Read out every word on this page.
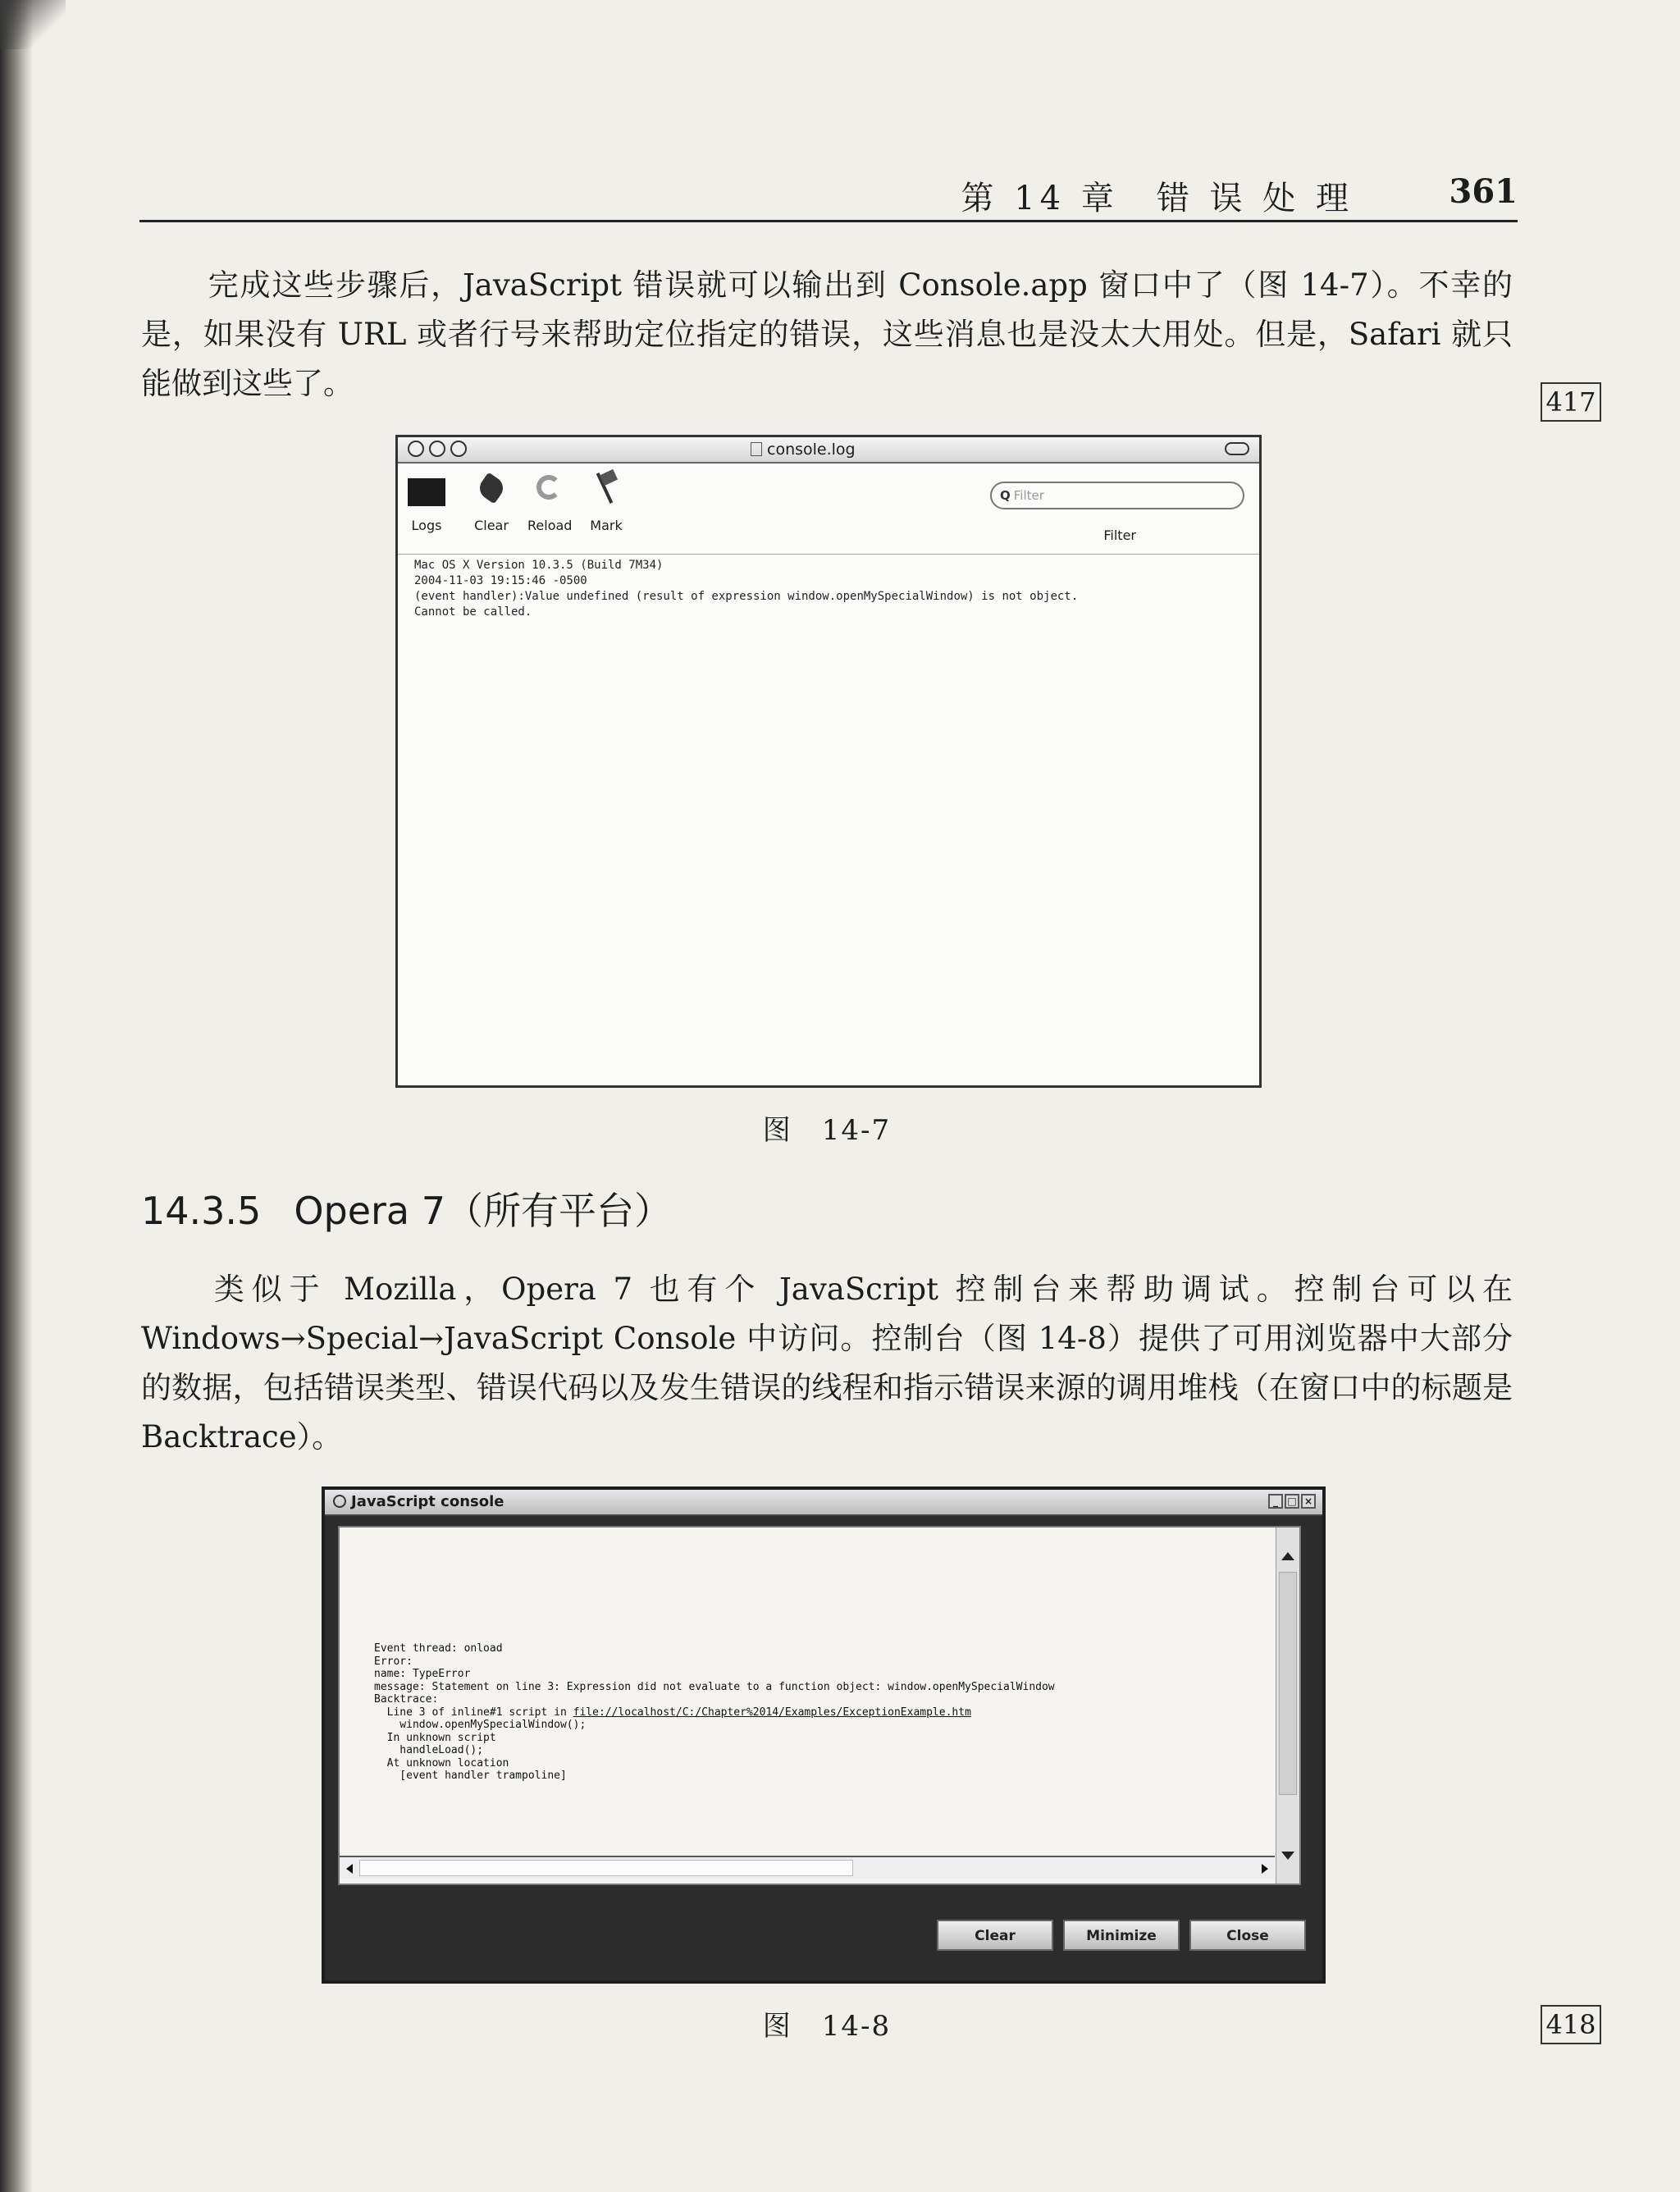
第 14 章　错 误 处 理	361
完成这些步骤后，JavaScript 错误就可以输出到 Console.app 窗口中了（图 14-7）。不幸的是，如果没有 URL 或者行号来帮助定位指定的错误，这些消息也是没太大用处。但是，Safari 就只能做到这些了。
417
console.log
Logs Clear Reload Mark
Q Filter
Filter
Mac OS X Version 10.3.5 (Build 7M34)
2004-11-03 19:15:46 -0500
(event handler):Value undefined (result of expression window.openMySpecialWindow) is not object.
Cannot be called.
图　14-7
14.3.5 Opera 7（所有平台）
类似于 Mozilla，Opera 7 也有个 JavaScript 控制台来帮助调试。控制台可以在 Windows→Special→JavaScript Console 中访问。控制台（图 14-8）提供了可用浏览器中大部分的数据，包括错误类型、错误代码以及发生错误的线程和指示错误来源的调用堆栈（在窗口中的标题是 Backtrace）。
JavaScript console	_ □ ×
Event thread: onload
Error:
name: TypeError
message: Statement on line 3: Expression did not evaluate to a function object: window.openMySpecialWindow
Backtrace:
Line 3 of inline#1 script in file://localhost/C:/Chapter%2014/Examples/ExceptionExample.htm
window.openMySpecialWindow();
In unknown script
handleLoad();
At unknown location
[event handler trampoline]
Clear	Minimize	Close
图　14-8	418
